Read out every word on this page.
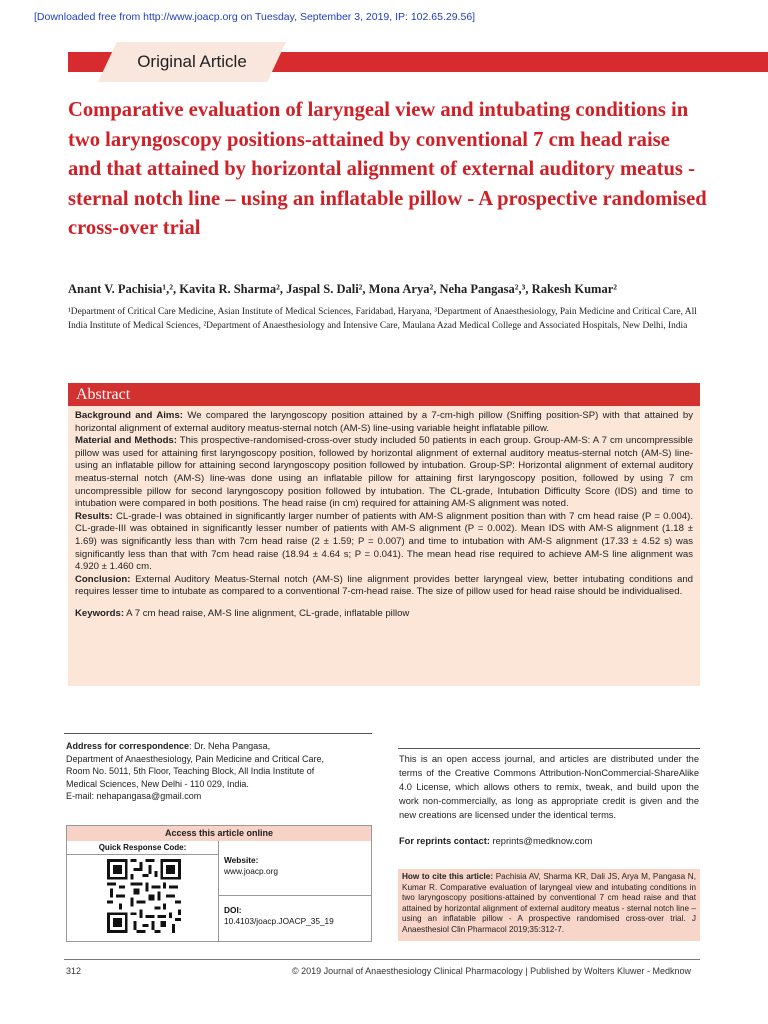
[Downloaded free from http://www.joacp.org on Tuesday, September 3, 2019, IP: 102.65.29.56]
Original Article
Comparative evaluation of laryngeal view and intubating conditions in two laryngoscopy positions-attained by conventional 7 cm head raise and that attained by horizontal alignment of external auditory meatus - sternal notch line – using an inflatable pillow - A prospective randomised cross-over trial
Anant V. Pachisia¹,², Kavita R. Sharma², Jaspal S. Dali², Mona Arya², Neha Pangasa²,³, Rakesh Kumar²
¹Department of Critical Care Medicine, Asian Institute of Medical Sciences, Faridabad, Haryana, ³Department of Anaesthesiology, Pain Medicine and Critical Care, All India Institute of Medical Sciences, ²Department of Anaesthesiology and Intensive Care, Maulana Azad Medical College and Associated Hospitals, New Delhi, India
Abstract

Background and Aims: We compared the laryngoscopy position attained by a 7-cm-high pillow (Sniffing position-SP) with that attained by horizontal alignment of external auditory meatus-sternal notch (AM-S) line-using variable height inflatable pillow.

Material and Methods: This prospective-randomised-cross-over study included 50 patients in each group. Group-AM-S: A 7 cm uncompressible pillow was used for attaining first laryngoscopy position, followed by horizontal alignment of external auditory meatus-sternal notch (AM-S) line-using an inflatable pillow for attaining second laryngoscopy position followed by intubation. Group-SP: Horizontal alignment of external auditory meatus-sternal notch (AM-S) line-was done using an inflatable pillow for attaining first laryngoscopy position, followed by using 7 cm uncompressible pillow for second laryngoscopy position followed by intubation. The CL-grade, Intubation Difficulty Score (IDS) and time to intubation were compared in both positions. The head raise (in cm) required for attaining AM-S alignment was noted.

Results: CL-grade-I was obtained in significantly larger number of patients with AM-S alignment position than with 7 cm head raise (P = 0.004). CL-grade-III was obtained in significantly lesser number of patients with AM-S alignment (P = 0.002). Mean IDS with AM-S alignment (1.18 ± 1.69) was significantly less than with 7cm head raise (2 ± 1.59; P = 0.007) and time to intubation with AM-S alignment (17.33 ± 4.52 s) was significantly less than that with 7cm head raise (18.94 ± 4.64 s; P = 0.041). The mean head rise required to achieve AM-S line alignment was 4.920 ± 1.460 cm.

Conclusion: External Auditory Meatus-Sternal notch (AM-S) line alignment provides better laryngeal view, better intubating conditions and requires lesser time to intubate as compared to a conventional 7-cm-head raise. The size of pillow used for head raise should be individualised.

Keywords: A 7 cm head raise, AM-S line alignment, CL-grade, inflatable pillow

Address for correspondence: Dr. Neha Pangasa,
Department of Anaesthesiology, Pain Medicine and Critical Care,
Room No. 5011, 5th Floor, Teaching Block, All India Institute of
Medical Sciences, New Delhi - 110 029, India.
E-mail: nehapangasa@gmail.com
This is an open access journal, and articles are distributed under the terms of the Creative Commons Attribution-NonCommercial-ShareAlike 4.0 License, which allows others to remix, tweak, and build upon the work non-commercially, as long as appropriate credit is given and the new creations are licensed under the identical terms.
For reprints contact: reprints@medknow.com
Access this article online
Quick Response Code:
Website:
www.joacp.org
DOI:
10.4103/joacp.JOACP_35_19
How to cite this article: Pachisia AV, Sharma KR, Dali JS, Arya M, Pangasa N, Kumar R. Comparative evaluation of laryngeal view and intubating conditions in two laryngoscopy positions-attained by conventional 7 cm head raise and that attained by horizontal alignment of external auditory meatus - sternal notch line – using an inflatable pillow - A prospective randomised cross-over trial. J Anaesthesiol Clin Pharmacol 2019;35:312-7.
312	© 2019 Journal of Anaesthesiology Clinical Pharmacology | Published by Wolters Kluwer - Medknow
